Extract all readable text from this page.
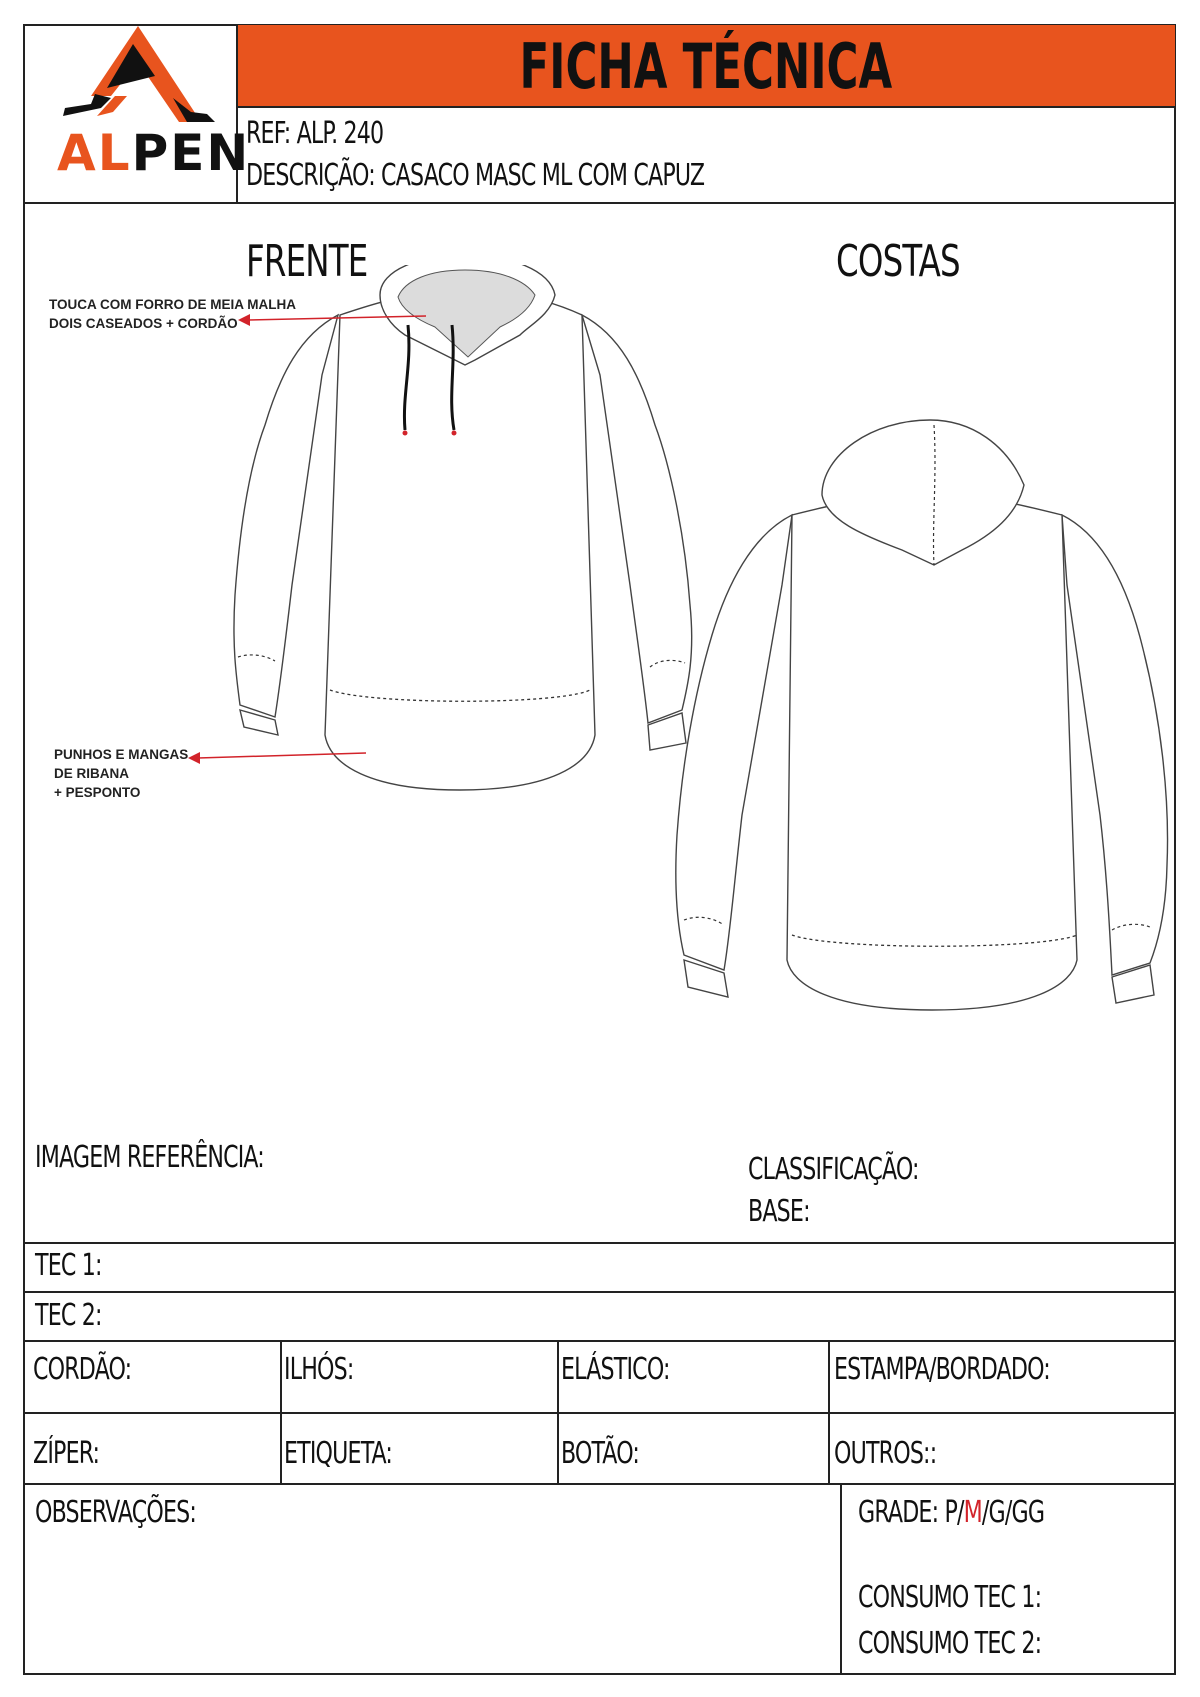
FICHA TÉCNICA
ALPEN
REF: ALP. 240
DESCRIÇÃO: CASACO MASC ML COM CAPUZ
FRENTE	COSTAS
TOUCA COM FORRO DE MEIA MALHA
DOIS CASEADOS + CORDÃO
PUNHOS E MANGAS
DE RIBANA
+ PESPONTO
IMAGEM REFERÊNCIA:	CLASSIFICAÇÃO:
BASE:
TEC 1:
TEC 2:
CORDÃO:	ILHÓS:	ELÁSTICO:	ESTAMPA/BORDADO:
ZÍPER:	ETIQUETA:	BOTÃO:	OUTROS::
OBSERVAÇÕES:	GRADE: P/M/G/GG
CONSUMO TEC 1:
CONSUMO TEC 2:
